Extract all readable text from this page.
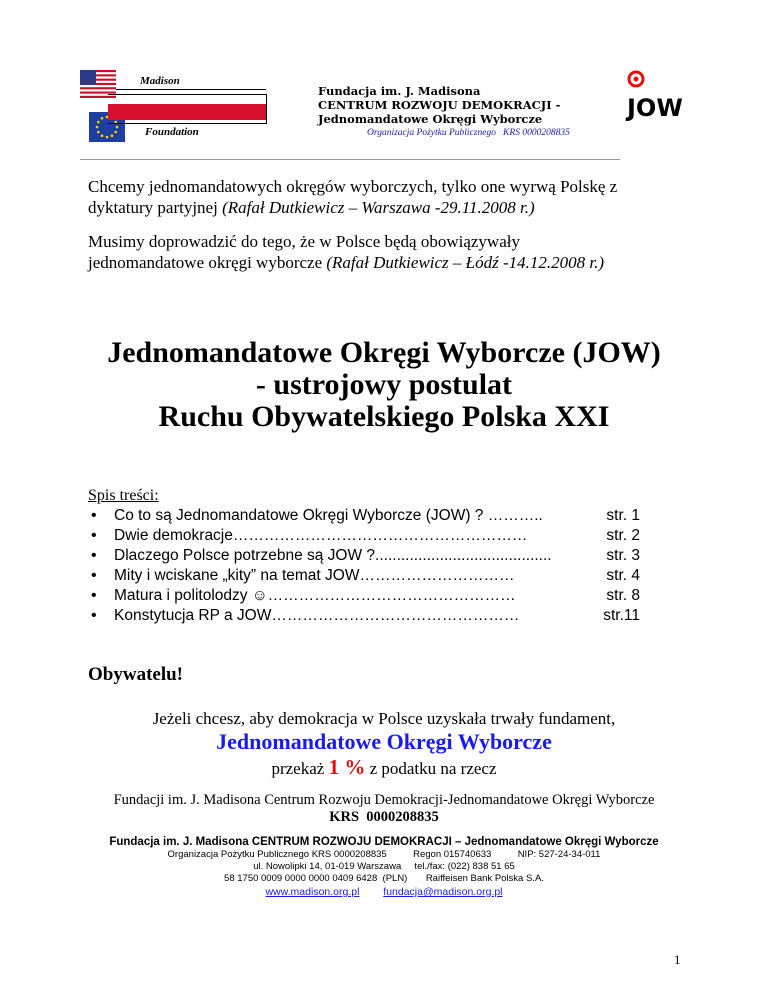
Madison
Foundation
Fundacja im. J. Madisona
CENTRUM ROZWOJU DEMOKRACJI -
Jednomandatowe Okręgi Wyborcze
Organizacja Pożytku Publicznego   KRS 0000208835
JOW
Chcemy jednomandatowych okręgów wyborczych, tylko one wyrwą Polskę z
dyktatury partyjnej (Rafał Dutkiewicz – Warszawa -29.11.2008 r.)
Musimy doprowadzić do tego, że w Polsce będą obowiązywały
jednomandatowe okręgi wyborcze (Rafał Dutkiewicz – Łódź -14.12.2008 r.)
Jednomandatowe Okręgi Wyborcze (JOW)
- ustrojowy postulat
Ruchu Obywatelskiego Polska XXI
Spis treści:
• Co to są Jednomandatowe Okręgi Wyborcze (JOW) ? ………..	str. 1
• Dwie demokracje…………………………………………………	str. 2
• Dlaczego Polsce potrzebne są JOW ?.........................................	str. 3
• Mity i wciskane „kity” na temat JOW…………………………	str. 4
• Matura i politolodzy ☺…………………………………………	str. 8
• Konstytucja RP a JOW…………………………………………	str.11
Obywatelu!
Jeżeli chcesz, aby demokracja w Polsce uzyskała trwały fundament,
Jednomandatowe Okręgi Wyborcze
przekaż 1 % z podatku na rzecz
Fundacji im. J. Madisona Centrum Rozwoju Demokracji-Jednomandatowe Okręgi Wyborcze
KRS  0000208835
Fundacja im. J. Madisona CENTRUM ROZWOJU DEMOKRACJI – Jednomandatowe Okręgi Wyborcze
Organizacja Pożytku Publicznego KRS 0000208835          Regon 015740633          NIP: 527-24-34-011
ul. Nowolipki 14, 01-019 Warszawa     tel./fax: (022) 838 51 65
58 1750 0009 0000 0000 0409 6428  (PLN)       Raiffeisen Bank Polska S.A.
www.madison.org.pl fundacja@madison.org.pl
1
